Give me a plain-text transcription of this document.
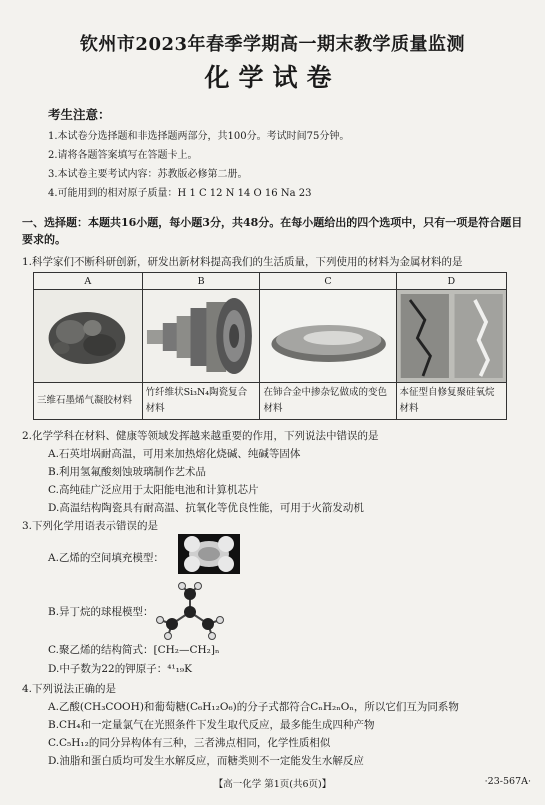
钦州市2023年春季学期高一期末教学质量监测
化学试卷
考生注意：
1.本试卷分选择题和非选择题两部分，共100分。考试时间75分钟。
2.请将各题答案填写在答题卡上。
3.本试卷主要考试内容：苏教版必修第二册。
4.可能用到的相对原子质量：H 1 C 12 N 14 O 16 Na 23
一、选择题：本题共16小题，每小题3分，共48分。在每小题给出的四个选项中，只有一项是符合题目要求的。
1.科学家们不断科研创新，研发出新材料提高我们的生活质量，下列使用的材料为金属材料的是
A	B	C	D

三维石墨烯气凝胶材料	竹纤维状Si₃N₄陶瓷复合材料	在铈合金中掺杂钇做成的变色材料	本征型自修复聚硅氧烷材料
2.化学学科在材料、健康等领域发挥越来越重要的作用，下列说法中错误的是
A.石英坩埚耐高温，可用来加热熔化烧碱、纯碱等固体
B.利用氢氟酸刻蚀玻璃制作艺术品
C.高纯硅广泛应用于太阳能电池和计算机芯片
D.高温结构陶瓷具有耐高温、抗氧化等优良性能，可用于火箭发动机
3.下列化学用语表示错误的是
A.乙烯的空间填充模型：
B.异丁烷的球棍模型：
C.聚乙烯的结构简式：[CH₂—CH₂]ₙ
D.中子数为22的钾原子：⁴¹₁₉K
4.下列说法正确的是
A.乙酸(CH₃COOH)和葡萄糖(C₆H₁₂O₆)的分子式都符合CₙH₂ₙOₙ，所以它们互为同系物
B.CH₄和一定量氯气在光照条件下发生取代反应，最多能生成四种产物
C.C₅H₁₂的同分异构体有三种，三者沸点相同，化学性质相似
D.油脂和蛋白质均可发生水解反应，而糖类则不一定能发生水解反应
【高一化学 第1页(共6页)】	·23-567A·
